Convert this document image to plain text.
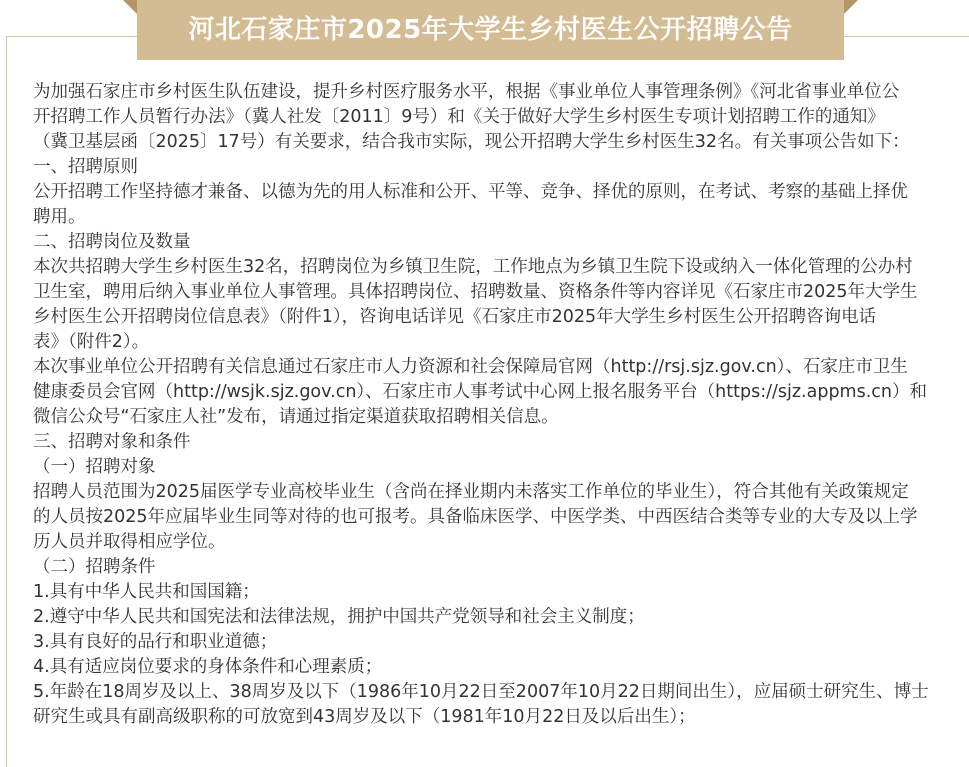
河北石家庄市2025年大学生乡村医生公开招聘公告

为加强石家庄市乡村医生队伍建设，提升乡村医疗服务水平，根据《事业单位人事管理条例》《河北省事业单位公

开招聘工作人员暂行办法》（冀人社发〔2011〕9号）和《关于做好大学生乡村医生专项计划招聘工作的通知》

（冀卫基层函〔2025〕17号）有关要求，结合我市实际，现公开招聘大学生乡村医生32名。有关事项公告如下：

一、招聘原则

公开招聘工作坚持德才兼备、以德为先的用人标准和公开、平等、竞争、择优的原则，在考试、考察的基础上择优

聘用。

二、招聘岗位及数量

本次共招聘大学生乡村医生32名，招聘岗位为乡镇卫生院，工作地点为乡镇卫生院下设或纳入一体化管理的公办村

卫生室，聘用后纳入事业单位人事管理。具体招聘岗位、招聘数量、资格条件等内容详见《石家庄市2025年大学生

乡村医生公开招聘岗位信息表》（附件1），咨询电话详见《石家庄市2025年大学生乡村医生公开招聘咨询电话

表》（附件2）。

本次事业单位公开招聘有关信息通过石家庄市人力资源和社会保障局官网（http://rsj.sjz.gov.cn）、石家庄市卫生

健康委员会官网（http://wsjk.sjz.gov.cn）、石家庄市人事考试中心网上报名服务平台（https://sjz.appms.cn）和

微信公众号“石家庄人社”发布，请通过指定渠道获取招聘相关信息。

三、招聘对象和条件

（一）招聘对象

招聘人员范围为2025届医学专业高校毕业生（含尚在择业期内未落实工作单位的毕业生），符合其他有关政策规定

的人员按2025年应届毕业生同等对待的也可报考。具备临床医学、中医学类、中西医结合类等专业的大专及以上学

历人员并取得相应学位。

（二）招聘条件

1.具有中华人民共和国国籍；

2.遵守中华人民共和国宪法和法律法规，拥护中国共产党领导和社会主义制度；

3.具有良好的品行和职业道德；

4.具有适应岗位要求的身体条件和心理素质；

5.年龄在18周岁及以上、38周岁及以下（1986年10月22日至2007年10月22日期间出生），应届硕士研究生、博士

研究生或具有副高级职称的可放宽到43周岁及以下（1981年10月22日及以后出生）；
